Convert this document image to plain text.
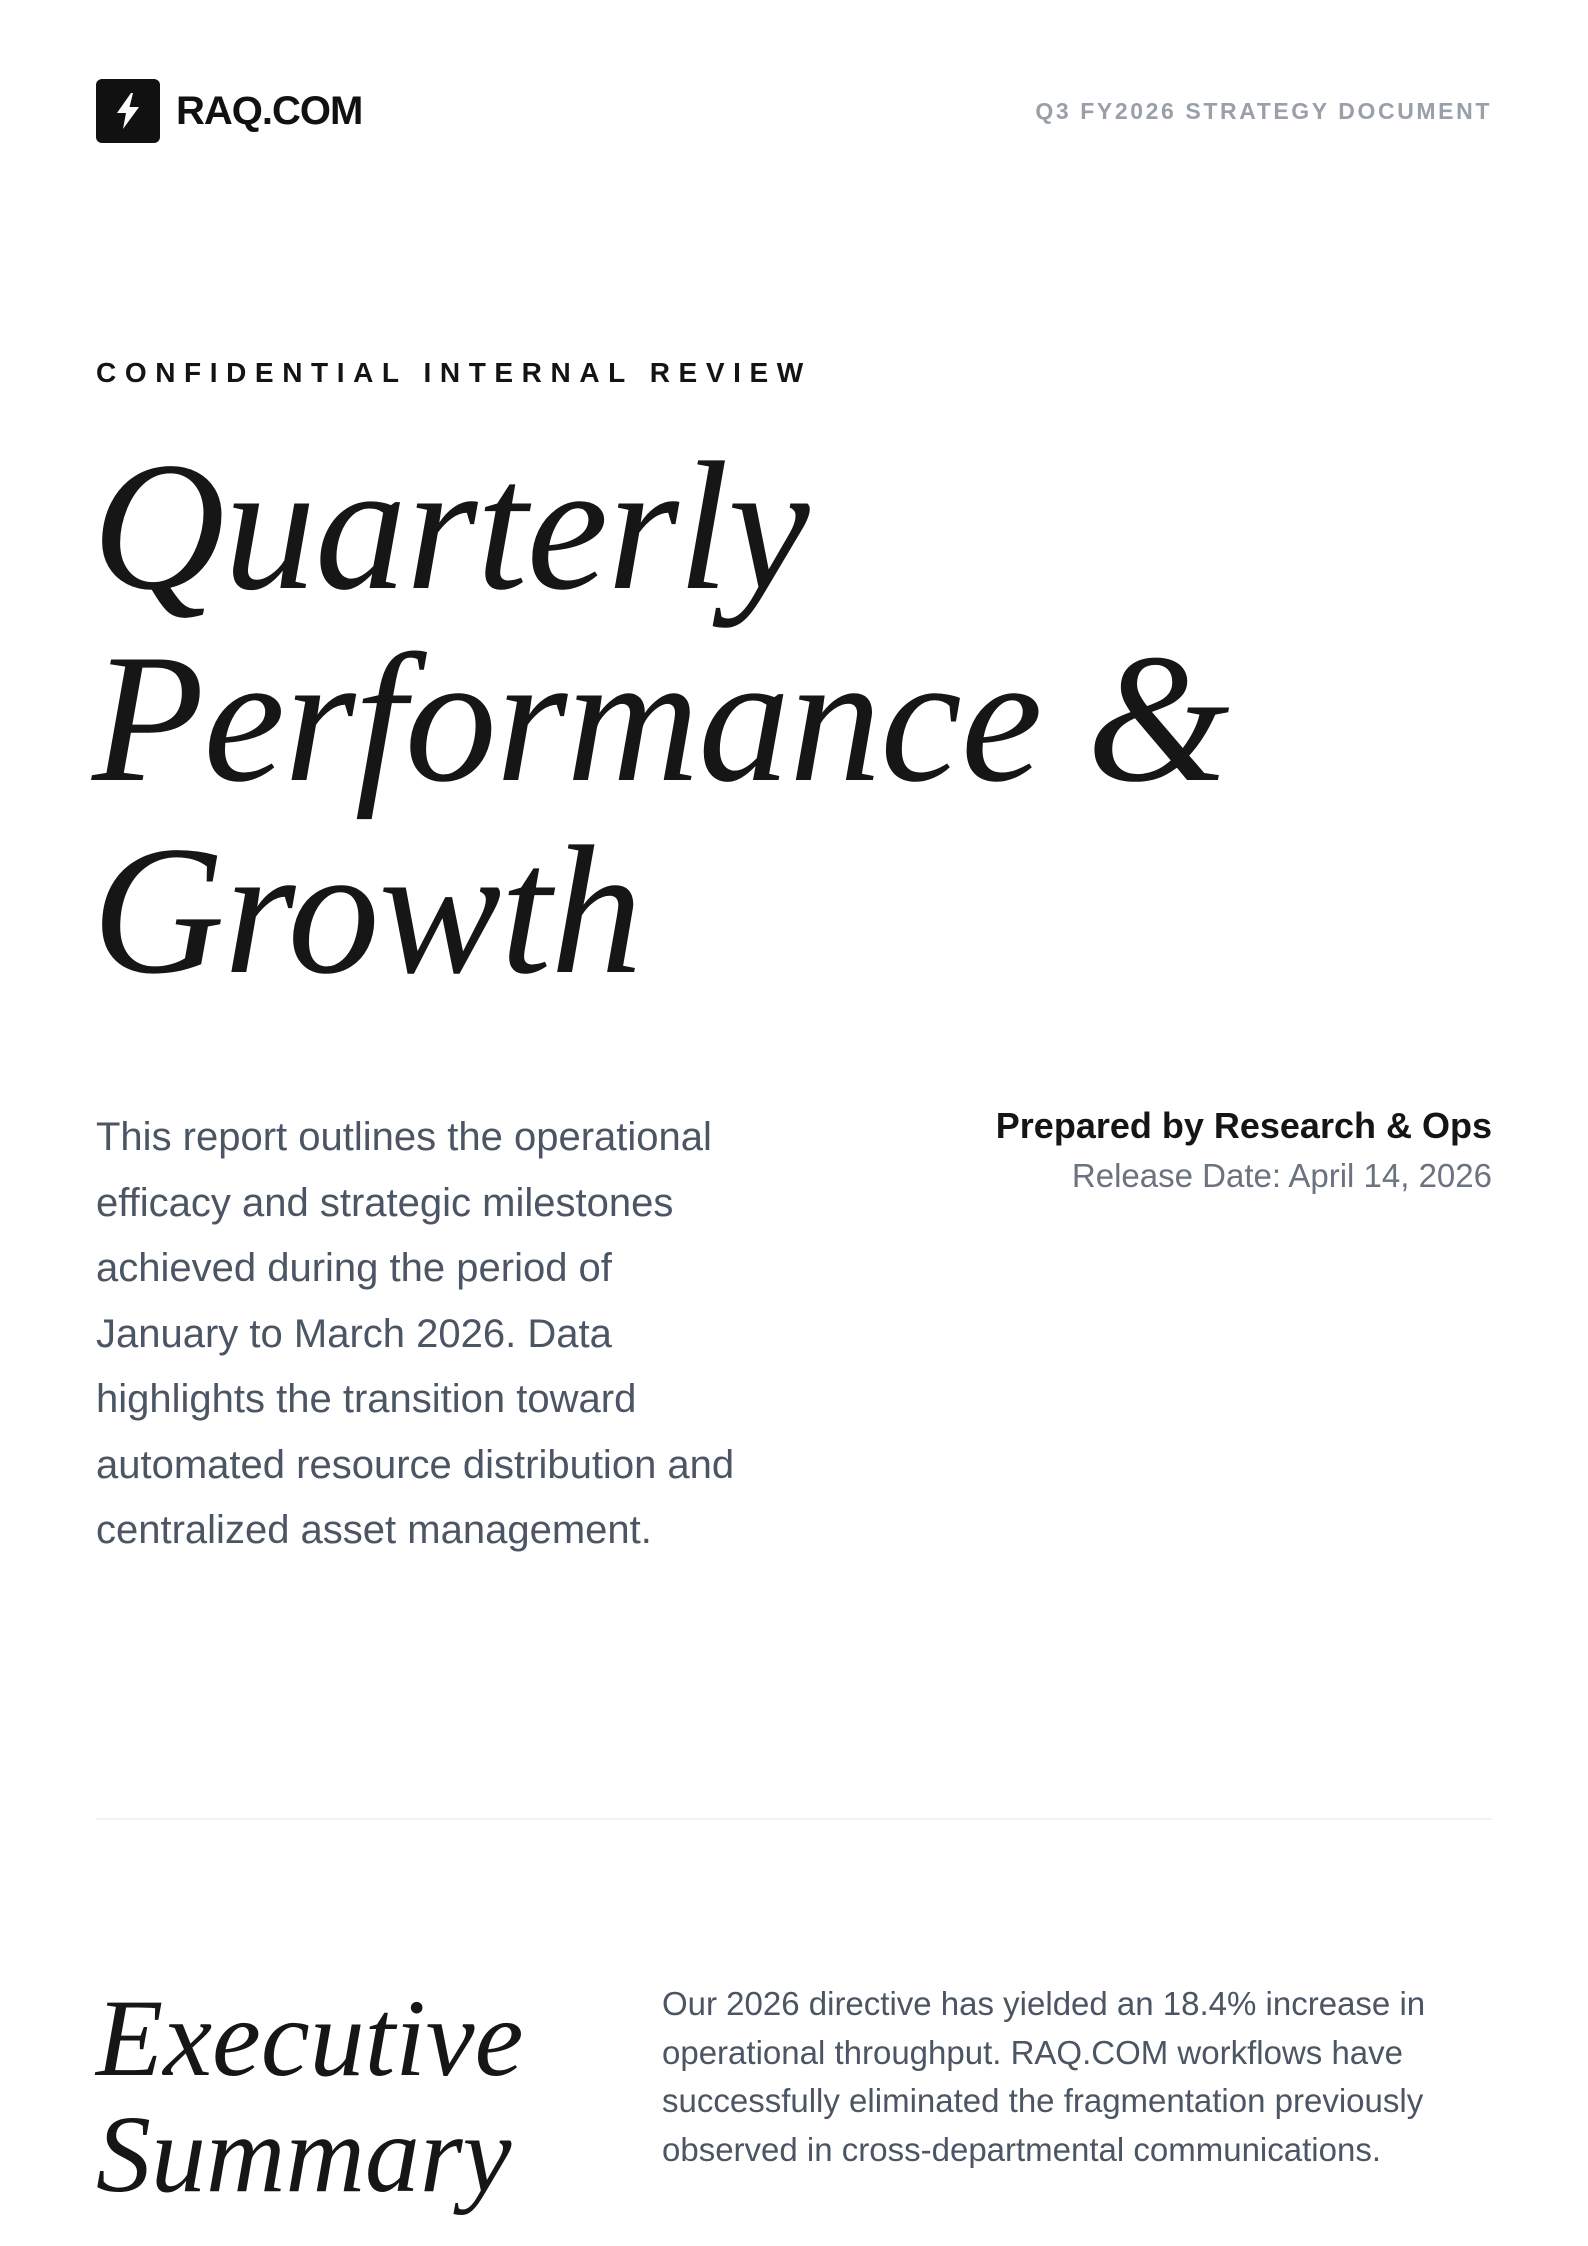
RAQ.COM	Q3 FY2026 STRATEGY DOCUMENT
CONFIDENTIAL INTERNAL REVIEW
Quarterly
Performance &
Growth

This report outlines the operational efficacy and strategic milestones achieved during the period of January to March 2026. Data highlights the transition toward automated resource distribution and centralized asset management.

Prepared by Research & Ops
Release Date: April 14, 2026
Executive
Summary

Our 2026 directive has yielded an 18.4% increase in operational throughput. RAQ.COM workflows have successfully eliminated the fragmentation previously observed in cross-departmental communications.
